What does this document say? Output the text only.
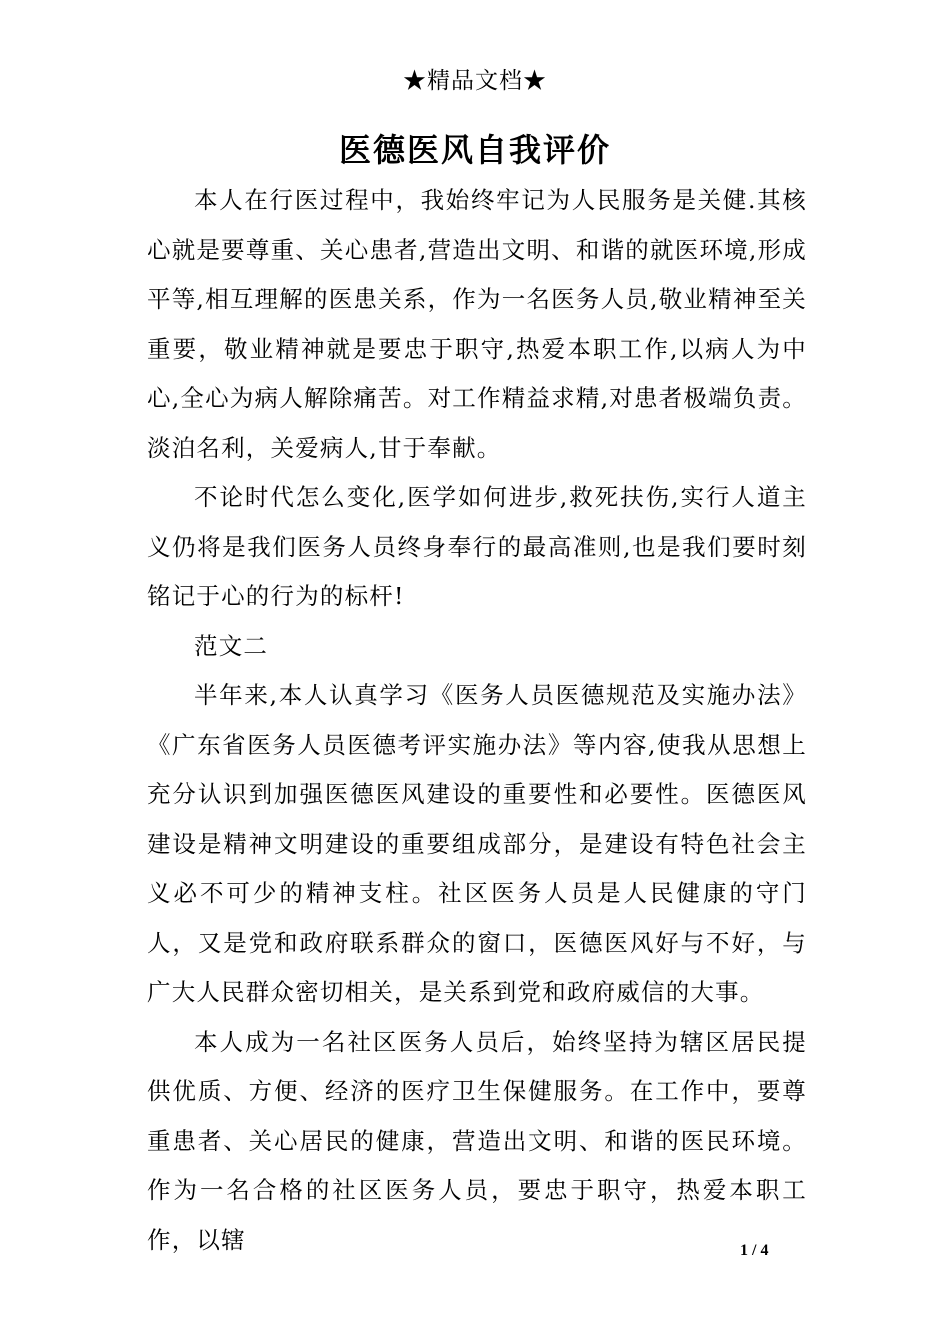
★精品文档★
医德医风自我评价

本人在行医过程中，我始终牢记为人民服务是关健.其核心就是要尊重、关心患者,营造出文明、和谐的就医环境,形成平等,相互理解的医患关系，作为一名医务人员,敬业精神至关重要，敬业精神就是要忠于职守,热爱本职工作,以病人为中心,全心为病人解除痛苦。对工作精益求精,对患者极端负责。淡泊名利，关爱病人,甘于奉献。

不论时代怎么变化,医学如何进步,救死扶伤,实行人道主义仍将是我们医务人员终身奉行的最高准则,也是我们要时刻铭记于心的行为的标杆!

范文二

半年来,本人认真学习《医务人员医德规范及实施办法》《广东省医务人员医德考评实施办法》等内容,使我从思想上充分认识到加强医德医风建设的重要性和必要性。医德医风建设是精神文明建设的重要组成部分，是建设有特色社会主义必不可少的精神支柱。社区医务人员是人民健康的守门人，又是党和政府联系群众的窗口，医德医风好与不好，与广大人民群众密切相关，是关系到党和政府威信的大事。

本人成为一名社区医务人员后，始终坚持为辖区居民提供优质、方便、经济的医疗卫生保健服务。在工作中，要尊重患者、关心居民的健康，营造出文明、和谐的医民环境。作为一名合格的社区医务人员，要忠于职守，热爱本职工作，以辖	1 / 4
